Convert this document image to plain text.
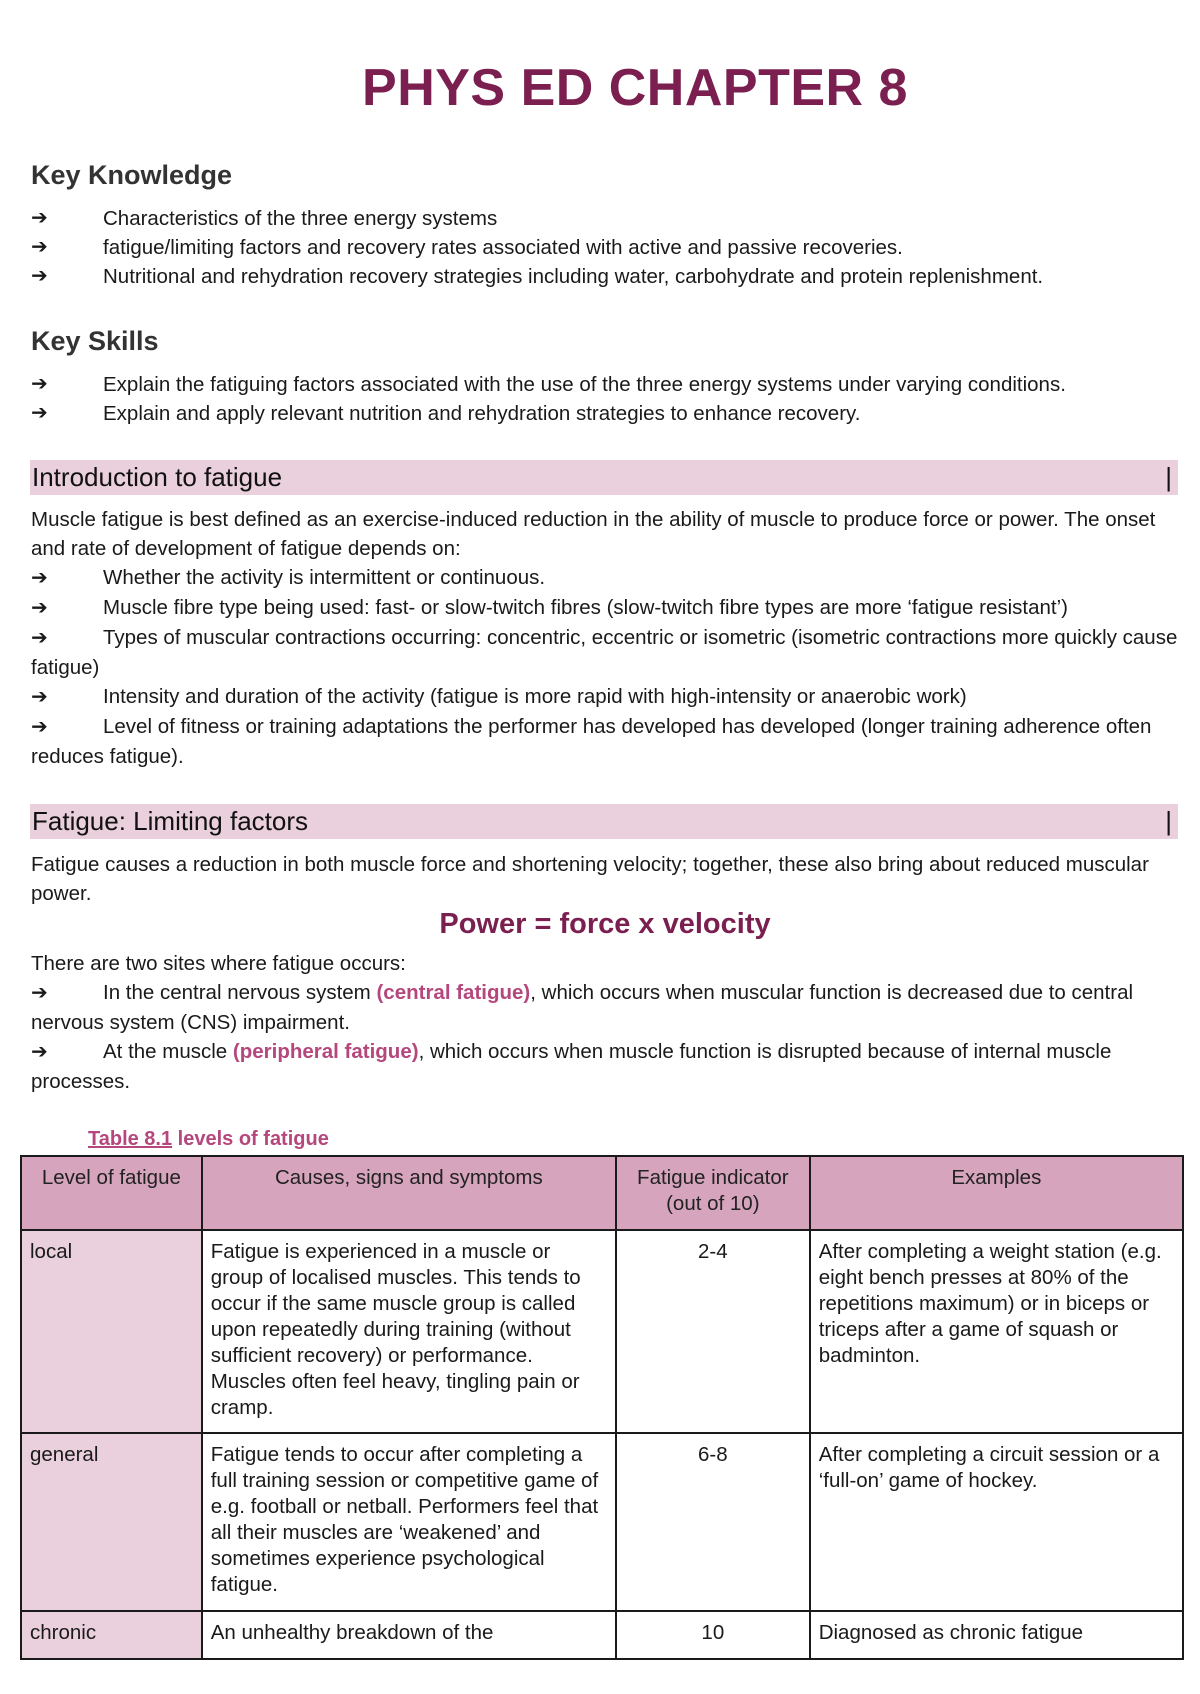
PHYS ED CHAPTER 8
Key Knowledge
➔	Characteristics of the three energy systems
➔	fatigue/limiting factors and recovery rates associated with active and passive recoveries.
➔	Nutritional and rehydration recovery strategies including water, carbohydrate and protein replenishment.
Key Skills
➔	Explain the fatiguing factors associated with the use of the three energy systems under varying conditions.
➔	Explain and apply relevant nutrition and rehydration strategies to enhance recovery.
Introduction to fatigue	|
Muscle fatigue is best defined as an exercise-induced reduction in the ability of muscle to produce force or power. The onset and rate of development of fatigue depends on:
➔	Whether the activity is intermittent or continuous.
➔	Muscle fibre type being used: fast- or slow-twitch fibres (slow-twitch fibre types are more ‘fatigue resistant’)
➔	Types of muscular contractions occurring: concentric, eccentric or isometric (isometric contractions more quickly cause fatigue)
➔	Intensity and duration of the activity (fatigue is more rapid with high-intensity or anaerobic work)
➔	Level of fitness or training adaptations the performer has developed has developed (longer training adherence often reduces fatigue).
Fatigue: Limiting factors	|
Fatigue causes a reduction in both muscle force and shortening velocity; together, these also bring about reduced muscular power.
Power = force x velocity
There are two sites where fatigue occurs:
➔	In the central nervous system (central fatigue), which occurs when muscular function is decreased due to central nervous system (CNS) impairment.
➔	At the muscle (peripheral fatigue), which occurs when muscle function is disrupted because of internal muscle processes.
Table 8.1 levels of fatigue
Level of fatigue	Causes, signs and symptoms	Fatigue indicator (out of 10)	Examples
local	Fatigue is experienced in a muscle or group of localised muscles. This tends to occur if the same muscle group is called upon repeatedly during training (without sufficient recovery) or performance. Muscles often feel heavy, tingling pain or cramp.	2-4	After completing a weight station (e.g. eight bench presses at 80% of the repetitions maximum) or in biceps or triceps after a game of squash or badminton.
general	Fatigue tends to occur after completing a full training session or competitive game of e.g. football or netball. Performers feel that all their muscles are ‘weakened’ and sometimes experience psychological fatigue.	6-8	After completing a circuit session or a ‘full-on’ game of hockey.
chronic	An unhealthy breakdown of the	10	Diagnosed as chronic fatigue
